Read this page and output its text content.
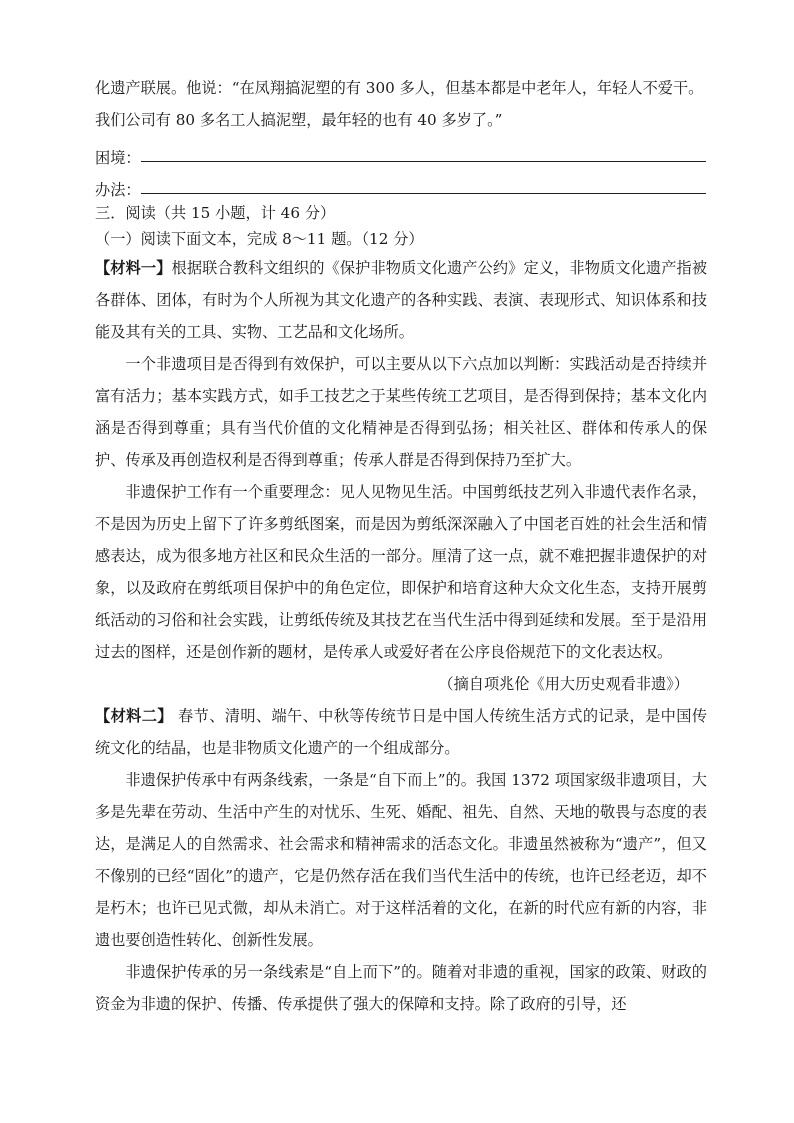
化遗产联展。他说：“在凤翔搞泥塑的有 300 多人，但基本都是中老年人，年轻人不爱干。

我们公司有 80 多名工人搞泥塑，最年轻的也有 40 多岁了。”

困境：
办法：
三．阅读（共 15 小题，计 46 分）
（一）阅读下面文本，完成 8～11 题。（12 分）

【材料一】根据联合教科文组织的《保护非物质文化遗产公约》定义，非物质文化遗产指被各群体、团体，有时为个人所视为其文化遗产的各种实践、表演、表现形式、知识体系和技能及其有关的工具、实物、工艺品和文化场所。

一个非遗项目是否得到有效保护，可以主要从以下六点加以判断：实践活动是否持续并富有活力；基本实践方式，如手工技艺之于某些传统工艺项目，是否得到保持；基本文化内涵是否得到尊重；具有当代价值的文化精神是否得到弘扬；相关社区、群体和传承人的保护、传承及再创造权利是否得到尊重；传承人群是否得到保持乃至扩大。

非遗保护工作有一个重要理念：见人见物见生活。中国剪纸技艺列入非遗代表作名录，不是因为历史上留下了许多剪纸图案，而是因为剪纸深深融入了中国老百姓的社会生活和情感表达，成为很多地方社区和民众生活的一部分。厘清了这一点，就不难把握非遗保护的对象，以及政府在剪纸项目保护中的角色定位，即保护和培育这种大众文化生态，支持开展剪纸活动的习俗和社会实践，让剪纸传统及其技艺在当代生活中得到延续和发展。至于是沿用过去的图样，还是创作新的题材，是传承人或爱好者在公序良俗规范下的文化表达权。

（摘自项兆伦《用大历史观看非遗》）

【材料二】 春节、清明、端午、中秋等传统节日是中国人传统生活方式的记录，是中国传统文化的结晶，也是非物质文化遗产的一个组成部分。

非遗保护传承中有两条线索，一条是“自下而上”的。我国 1372 项国家级非遗项目，大多是先辈在劳动、生活中产生的对忧乐、生死、婚配、祖先、自然、天地的敬畏与态度的表达，是满足人的自然需求、社会需求和精神需求的活态文化。非遗虽然被称为“遗产”，但又不像别的已经“固化”的遗产，它是仍然存活在我们当代生活中的传统，也许已经老迈，却不是朽木；也许已见式微，却从未消亡。对于这样活着的文化，在新的时代应有新的内容，非遗也要创造性转化、创新性发展。

非遗保护传承的另一条线索是“自上而下”的。随着对非遗的重视，国家的政策、财政的资金为非遗的保护、传播、传承提供了强大的保障和支持。除了政府的引导，还
